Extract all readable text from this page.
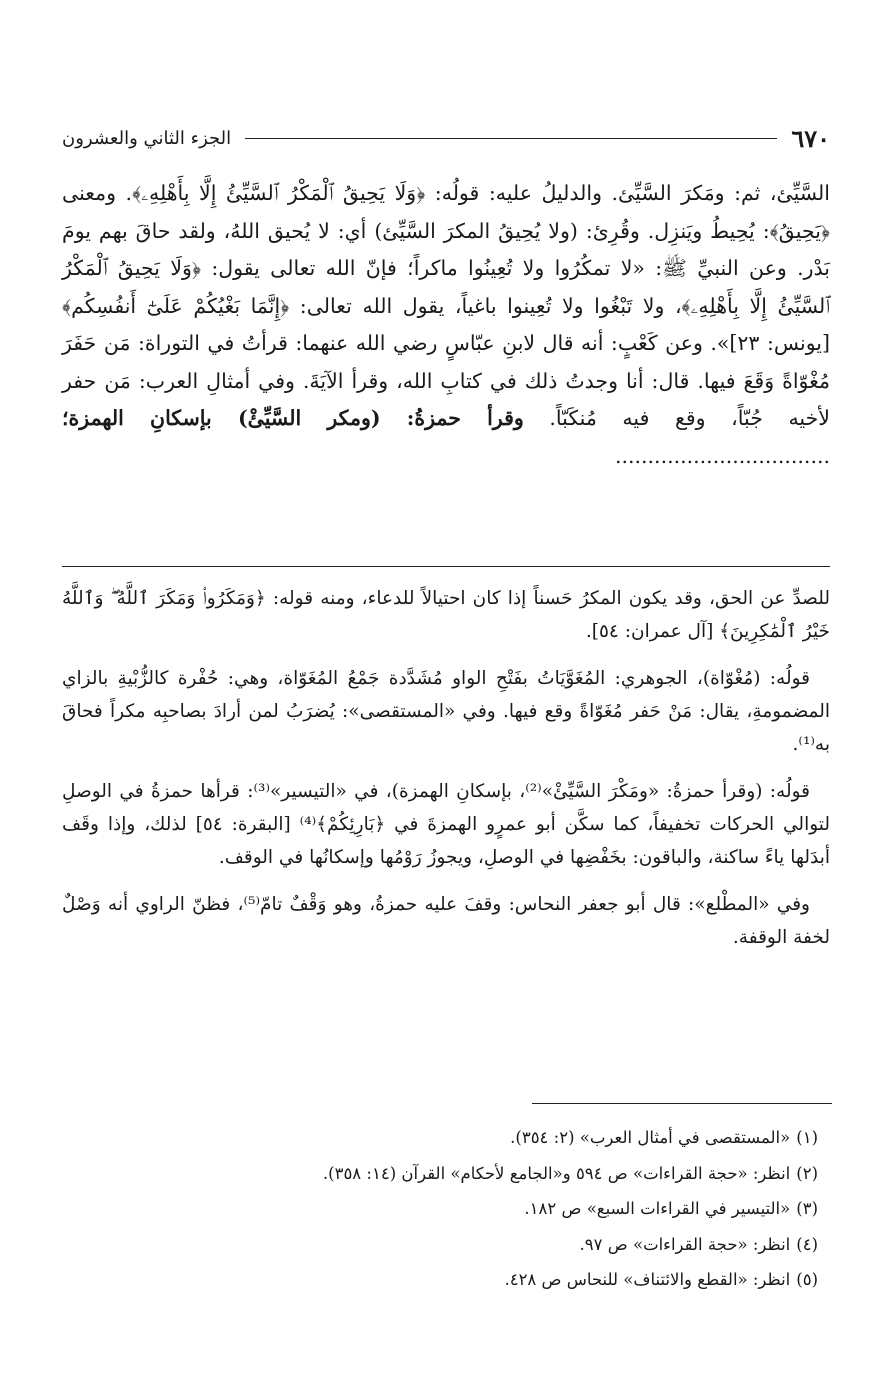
٦٧٠
الجزء الثاني والعشرون

السَّيِّئ، ثم: ومَكرَ السَّيِّئ. والدليلُ عليه: قولُه: ﴿وَلَا يَحِيقُ ٱلْمَكْرُ ٱلسَّيِّئُ إِلَّا بِأَهْلِهِۦ﴾. ومعنى ﴿يَحِيقُ﴾: يُحِيطُ ويَنزِل. وقُرِئ: (ولا يُحِيقُ المكرَ السَّيِّئ) أي: لا يُحيق اللهُ، ولقد حاقَ بهم يومَ بَدْر. وعن النبيِّ ﷺ: «لا تمكُرُوا ولا تُعِينُوا ماكراً؛ فإنّ الله تعالى يقول: ﴿وَلَا يَحِيقُ ٱلْمَكْرُ ٱلسَّيِّئُ إِلَّا بِأَهْلِهِۦ﴾، ولا تَبْغُوا ولا تُعِينوا باغياً، يقول الله تعالى: ﴿إِنَّمَا بَغْيُكُمْ عَلَىٰٓ أَنفُسِكُم﴾ [يونس: ٢٣]». وعن كَعْبٍ: أنه قال لابنِ عبّاسٍ رضي الله عنهما: قرأتُ في التوراة: مَن حَفَرَ مُغْوّاةً وَقَعَ فيها. قال: أنا وجدتُ ذلك في كتابِ الله، وقرأ الآيَةَ. وفي أمثالِ العرب: مَن حفر لأخيه جُبّاً، وقع فيه مُنكَبّاً. وقرأ حمزةُ: (ومكر السَّيِّئْ) بإسكانِ الهمزة؛ .................................

للصدِّ عن الحق، وقد يكون المكرُ حَسناً إذا كان احتيالاً للدعاء، ومنه قوله: ﴿وَمَكَرُوا۟ وَمَكَرَ ٱللَّهُ ۖ وَٱللَّهُ خَيْرُ ٱلْمَٰكِرِينَ﴾ [آل عمران: ٥٤].

قولُه: (مُغْوّاة)، الجوهري: المُغَوَّيَاتُ بفَتْحِ الواو مُشَدَّدة جَمْعُ المُغَوّاة، وهي: حُفْرة كالزُّبْيةِ بالزاي المضمومةِ، يقال: مَنْ حَفر مُغَوّاةً وقع فيها. وفي «المستقصى»: يُضرَبُ لمن أرادَ بصاحبِه مكراً فحاقَ به⁽¹⁾.

قولُه: (وقرأ حمزةُ: «ومَكْرَ السَّيِّئْ»⁽²⁾، بإسكانِ الهمزة)، في «التيسير»⁽³⁾: قرأها حمزةُ في الوصلِ لتوالي الحركات تخفيفاً، كما سكَّن أبو عمرٍو الهمزةَ في ﴿بَارِئِكُمْ﴾⁽⁴⁾ [البقرة: ٥٤] لذلك، وإذا وقَف أبدَلها ياءً ساكنة، والباقون: بخَفْضِها في الوصلِ، ويجوزُ رَوْمُها وإسكانُها في الوقف.

وفي «المطْلع»: قال أبو جعفر النحاس: وقفَ عليه حمزةُ، وهو وَقْفٌ تامّ⁽⁵⁾، فظنّ الراوي أنه وَصْلٌ لخفة الوقفة.

(١)«المستقصى في أمثال العرب» (٢: ٣٥٤).
(٢)انظر: «حجة القراءات» ص ٥٩٤ و«الجامع لأحكام» القرآن (١٤: ٣٥٨).
(٣)«التيسير في القراءات السبع» ص ١٨٢.
(٤)انظر: «حجة القراءات» ص ٩٧.
(٥)انظر: «القطع والائتناف» للنحاس ص ٤٢٨.
